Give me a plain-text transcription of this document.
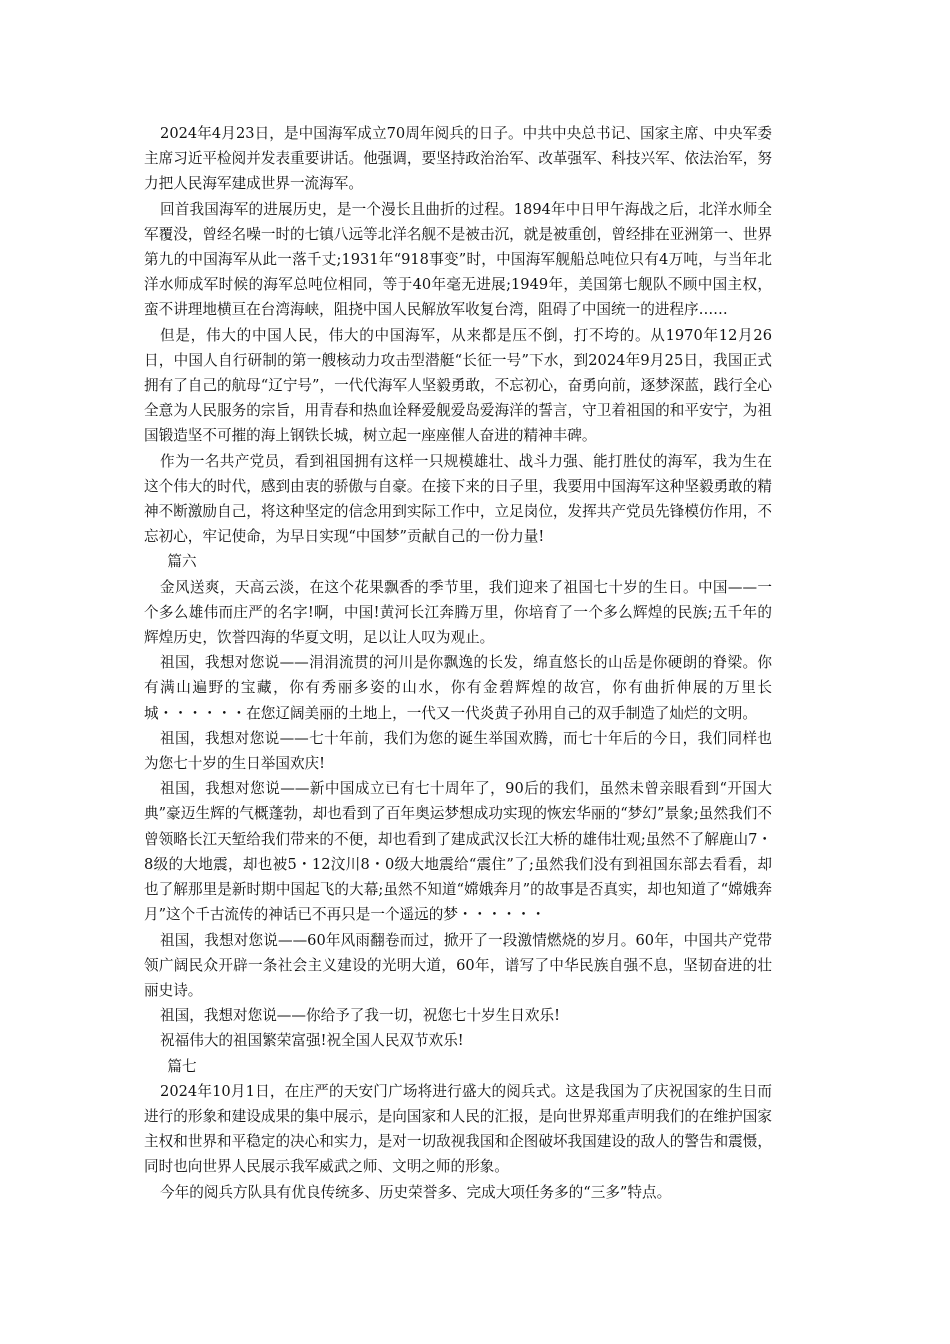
2024年4月23日，是中国海军成立70周年阅兵的日子。中共中央总书记、国家主席、中央军委主席习近平检阅并发表重要讲话。他强调，要坚持政治治军、改革强军、科技兴军、依法治军，努力把人民海军建成世界一流海军。

回首我国海军的进展历史，是一个漫长且曲折的过程。1894年中日甲午海战之后，北洋水师全军覆没，曾经名噪一时的七镇八远等北洋名舰不是被击沉，就是被重创，曾经排在亚洲第一、世界第九的中国海军从此一落千丈;1931年“918事变”时，中国海军舰船总吨位只有4万吨，与当年北洋水师成军时候的海军总吨位相同，等于40年毫无进展;1949年，美国第七舰队不顾中国主权，蛮不讲理地横亘在台湾海峡，阻挠中国人民解放军收复台湾，阻碍了中国统一的进程序……

但是，伟大的中国人民，伟大的中国海军，从来都是压不倒，打不垮的。从1970年12月26日，中国人自行研制的第一艘核动力攻击型潜艇“长征一号”下水，到2024年9月25日，我国正式拥有了自己的航母“辽宁号”，一代代海军人坚毅勇敢，不忘初心，奋勇向前，逐梦深蓝，践行全心全意为人民服务的宗旨，用青春和热血诠释爱舰爱岛爱海洋的誓言，守卫着祖国的和平安宁，为祖国锻造坚不可摧的海上钢铁长城，树立起一座座催人奋进的精神丰碑。

作为一名共产党员，看到祖国拥有这样一只规模雄壮、战斗力强、能打胜仗的海军，我为生在这个伟大的时代，感到由衷的骄傲与自豪。在接下来的日子里，我要用中国海军这种坚毅勇敢的精神不断激励自己，将这种坚定的信念用到实际工作中，立足岗位，发挥共产党员先锋模仿作用，不忘初心，牢记使命，为早日实现“中国梦”贡献自己的一份力量!

篇六

金风送爽，天高云淡，在这个花果飘香的季节里，我们迎来了祖国七十岁的生日。中国——一个多么雄伟而庄严的名字!啊，中国!黄河长江奔腾万里，你培育了一个多么辉煌的民族;五千年的辉煌历史，饮誉四海的华夏文明，足以让人叹为观止。

祖国，我想对您说——涓涓流贯的河川是你飘逸的长发，绵直悠长的山岳是你硬朗的脊梁。你有满山遍野的宝藏，你有秀丽多姿的山水，你有金碧辉煌的故宫，你有曲折伸展的万里长城・・・・・・在您辽阔美丽的土地上，一代又一代炎黄子孙用自己的双手制造了灿烂的文明。

祖国，我想对您说——七十年前，我们为您的诞生举国欢腾，而七十年后的今日，我们同样也为您七十岁的生日举国欢庆!

祖国，我想对您说——新中国成立已有七十周年了，90后的我们，虽然未曾亲眼看到“开国大典”豪迈生辉的气概蓬勃，却也看到了百年奥运梦想成功实现的恢宏华丽的“梦幻”景象;虽然我们不曾领略长江天堑给我们带来的不便，却也看到了建成武汉长江大桥的雄伟壮观;虽然不了解鹿山7・8级的大地震，却也被5・12汶川8・0级大地震给“震住”了;虽然我们没有到祖国东部去看看，却也了解那里是新时期中国起飞的大幕;虽然不知道“嫦娥奔月”的故事是否真实，却也知道了“嫦娥奔月”这个千古流传的神话已不再只是一个遥远的梦・・・・・・

祖国，我想对您说——60年风雨翻卷而过，掀开了一段激情燃烧的岁月。60年，中国共产党带领广阔民众开辟一条社会主义建设的光明大道，60年，谱写了中华民族自强不息，坚韧奋进的壮丽史诗。

祖国，我想对您说——你给予了我一切，祝您七十岁生日欢乐!

祝福伟大的祖国繁荣富强!祝全国人民双节欢乐!

篇七

2024年10月1日，在庄严的天安门广场将进行盛大的阅兵式。这是我国为了庆祝国家的生日而进行的形象和建设成果的集中展示，是向国家和人民的汇报，是向世界郑重声明我们的在维护国家主权和世界和平稳定的决心和实力，是对一切敌视我国和企图破坏我国建设的敌人的警告和震慑，同时也向世界人民展示我军威武之师、文明之师的形象。

今年的阅兵方队具有优良传统多、历史荣誉多、完成大项任务多的“三多”特点。
